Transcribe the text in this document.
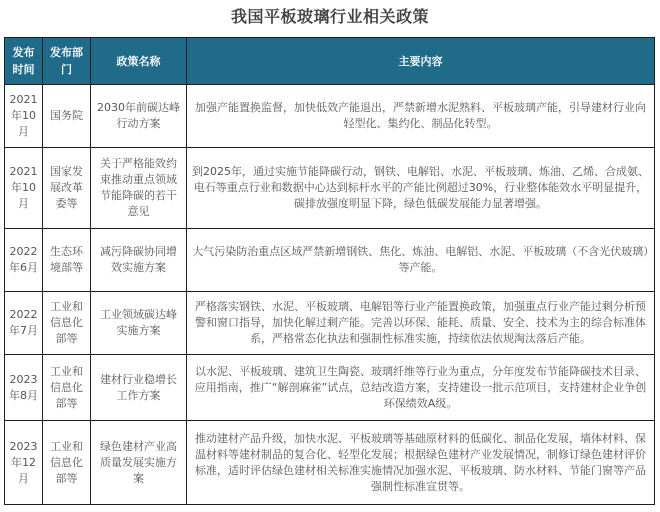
我国平板玻璃行业相关政策
发布时间	发布部门	政策名称	主要内容
2021年10月	国务院	2030年前碳达峰行动方案	加强产能置换监督，加快低效产能退出，严禁新增水泥熟料、平板玻璃产能，引导建材行业向轻型化、集约化、制品化转型。
2021年10月	国家发展改革委等	关于严格能效约束推动重点领域节能降碳的若干意见	到2025年，通过实施节能降碳行动，钢铁、电解铝、水泥、平板玻璃、炼油、乙烯、合成氨、电石等重点行业和数据中心达到标杆水平的产能比例超过30%，行业整体能效水平明显提升，碳排放强度明显下降，绿色低碳发展能力显著增强。
2022年6月	生态环境部等	减污降碳协同增效实施方案	大气污染防治重点区域严禁新增钢铁、焦化、炼油、电解铝、水泥、平板玻璃（不含光伏玻璃）等产能。
2022年7月	工业和信息化部等	工业领域碳达峰实施方案	严格落实钢铁、水泥、平板玻璃、电解铝等行业产能置换政策，加强重点行业产能过剩分析预警和窗口指导，加快化解过剩产能。完善以环保、能耗、质量、安全、技术为主的综合标准体系，严格常态化执法和强制性标准实施，持续依法依规淘汰落后产能。
2023年8月	工业和信息化部等	建材行业稳增长工作方案	以水泥、平板玻璃、建筑卫生陶瓷、玻璃纤维等行业为重点，分年度发布节能降碳技术目录、应用指南，推广“解剖麻雀”试点，总结改造方案，支持建设一批示范项目，支持建材企业争创环保绩效A级。
2023年12月	工业和信息化部等	绿色建材产业高质量发展实施方案	推动建材产品升级，加快水泥、平板玻璃等基础原材料的低碳化、制品化发展，墙体材料、保温材料等建材制品的复合化、轻型化发展；根据绿色建材产业发展情况，制修订绿色建材评价标准，适时评估绿色建材相关标准实施情况加强水泥、平板玻璃、防水材料、节能门窗等产品强制性标准宣贯等。
